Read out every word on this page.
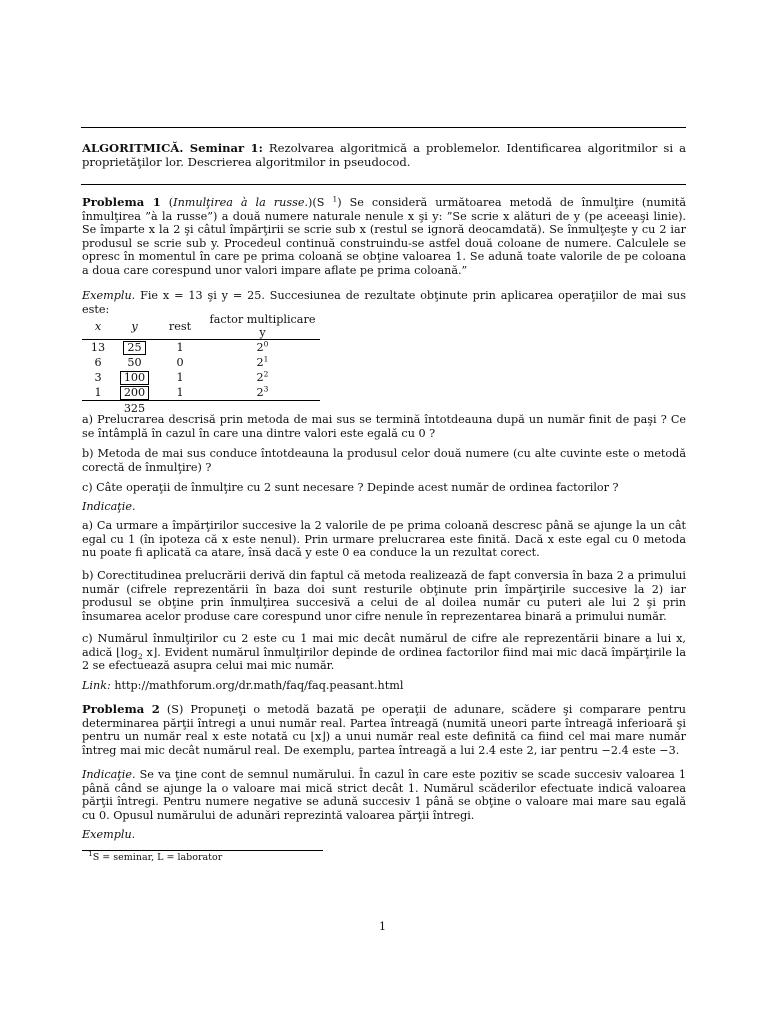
ALGORITMICĂ. Seminar 1: Rezolvarea algoritmică a problemelor. Identificarea algoritmilor si a proprietăţilor lor. Descrierea algoritmilor in pseudocod.
Problema 1 (Inmulţirea à la russe.)(S $^1$) Se consideră următoarea metodă de înmulţire (numită înmulţirea ”à la russe”) a două numere naturale nenule x şi y: ”Se scrie x alături de y (pe aceeaşi linie). Se împarte x la 2 şi câtul împărţirii se scrie sub x (restul se ignoră deocamdată). Se înmulţeşte y cu 2 iar produsul se scrie sub y. Procedeul continuă construindu-se astfel două coloane de numere. Calculele se opresc în momentul în care pe prima coloană se obţine valoarea 1. Se adună toate valorile de pe coloana a doua care corespund unor valori impare aflate pe prima coloană.”
Exemplu. Fie x = 13 şi y = 25. Succesiunea de rezultate obţinute prin aplicarea operaţiilor de mai sus este:
x	y	rest	factor multiplicare y
13	25	1	$2^0$
6	50	0	$2^1$
3	100	1	$2^2$
1	200	1	$2^3$
	325		

a) Prelucrarea descrisă prin metoda de mai sus se termină întotdeauna după un număr finit de paşi ? Ce se întâmplă în cazul în care una dintre valori este egală cu 0 ?

b) Metoda de mai sus conduce întotdeauna la produsul celor două numere (cu alte cuvinte este o metodă corectă de înmulţire) ?

c) Câte operaţii de înmulţire cu 2 sunt necesare ? Depinde acest număr de ordinea factorilor ?

Indicaţie.

a) Ca urmare a împărţirilor succesive la 2 valorile de pe prima coloană descresc până se ajunge la un cât egal cu 1 (în ipoteza că x este nenul). Prin urmare prelucrarea este finită. Dacă x este egal cu 0 metoda nu poate fi aplicată ca atare, însă dacă y este 0 ea conduce la un rezultat corect.

b) Corectitudinea prelucrării derivă din faptul că metoda realizează de fapt conversia în baza 2 a primului număr (cifrele reprezentării în baza doi sunt resturile obţinute prin împărţirile succesive la 2) iar produsul se obţine prin înmulţirea succesivă a celui de al doilea număr cu puteri ale lui 2 şi prin însumarea acelor produse care corespund unor cifre nenule în reprezentarea binară a primului număr.

c) Numărul înmulţirilor cu 2 este cu 1 mai mic decât numărul de cifre ale reprezentării binare a lui x, adică $⌊\log_2$ x⌋. Evident numărul înmulţirilor depinde de ordinea factorilor fiind mai mic dacă împărţirile la 2 se efectuează asupra celui mai mic număr.
Link: http://mathforum.org/dr.math/faq/faq.peasant.html
Problema 2 (S) Propuneţi o metodă bazată pe operaţii de adunare, scădere şi comparare pentru determinarea părţii întregi a unui număr real. Partea întreagă (numită uneori parte întreagă inferioară şi pentru un număr real x este notată cu ⌊x⌋) a unui număr real este definită ca fiind cel mai mare număr întreg mai mic decât numărul real. De exemplu, partea întreagă a lui 2.4 este 2, iar pentru −2.4 este −3.
Indicaţie. Se va ţine cont de semnul numărului. În cazul în care este pozitiv se scade succesiv valoarea 1 până când se ajunge la o valoare mai mică strict decât 1. Numărul scăderilor efectuate indică valoarea părţii întregi. Pentru numere negative se adună succesiv 1 până se obţine o valoare mai mare sau egală cu 0. Opusul numărului de adunări reprezintă valoarea părţii întregi.
Exemplu.
$^1$S = seminar, L = laborator
1
